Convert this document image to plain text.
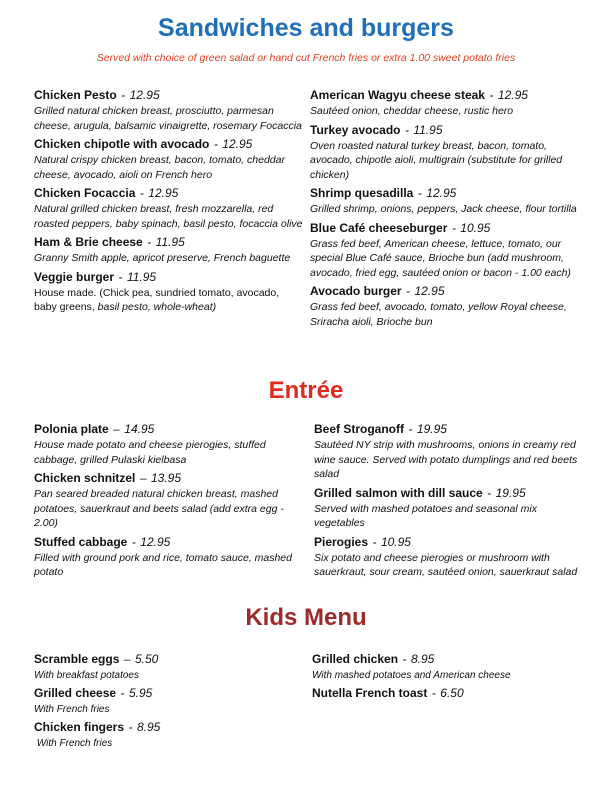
Sandwiches and burgers
Served with choice of green salad or hand cut French fries or extra 1.00 sweet potato fries
Chicken Pesto - 12.95

Grilled natural chicken breast, prosciutto, parmesan cheese, arugula, balsamic vinaigrette, rosemary Focaccia

Chicken chipotle with avocado - 12.95

Natural crispy chicken breast, bacon, tomato, cheddar cheese, avocado, aioli on French hero

Chicken Focaccia - 12.95

Natural grilled chicken breast, fresh mozzarella, red roasted peppers, baby spinach, basil pesto, focaccia olive

Ham & Brie cheese - 11.95

Granny Smith apple, apricot preserve, French baguette

Veggie burger - 11.95

House made. (Chick pea, sundried tomato, avocado, baby greens, basil pesto, whole-wheat)

American Wagyu cheese steak - 12.95

Sautéed onion, cheddar cheese, rustic hero

Turkey avocado - 11.95

Oven roasted natural turkey breast, bacon, tomato, avocado, chipotle aioli, multigrain (substitute for grilled chicken)

Shrimp quesadilla - 12.95

Grilled shrimp, onions, peppers, Jack cheese, flour tortilla

Blue Café cheeseburger - 10.95

Grass fed beef, American cheese, lettuce, tomato, our special Blue Café sauce, Brioche bun (add mushroom, avocado, fried egg, sautéed onion or bacon - 1.00 each)

Avocado burger - 12.95

Grass fed beef, avocado, tomato, yellow Royal cheese, Sriracha aioli, Brioche bun

Entrée
Polonia plate – 14.95

House made potato and cheese pierogies, stuffed cabbage, grilled Pulaski kielbasa

Chicken schnitzel – 13.95

Pan seared breaded natural chicken breast, mashed potatoes, sauerkraut and beets salad (add extra egg - 2.00)

Stuffed cabbage - 12.95

Filled with ground pork and rice, tomato sauce, mashed potato

Beef Stroganoff - 19.95

Sautéed NY strip with mushrooms, onions in creamy red wine sauce. Served with potato dumplings and red beets salad

Grilled salmon with dill sauce - 19.95

Served with mashed potatoes and seasonal mix vegetables

Pierogies - 10.95

Six potato and cheese pierogies or mushroom with sauerkraut, sour cream, sautéed onion, sauerkraut salad

Kids Menu
Scramble eggs – 5.50

With breakfast potatoes

Grilled cheese - 5.95

With French fries

Chicken fingers - 8.95

With French fries

Grilled chicken - 8.95

With mashed potatoes and American cheese

Nutella French toast - 6.50
